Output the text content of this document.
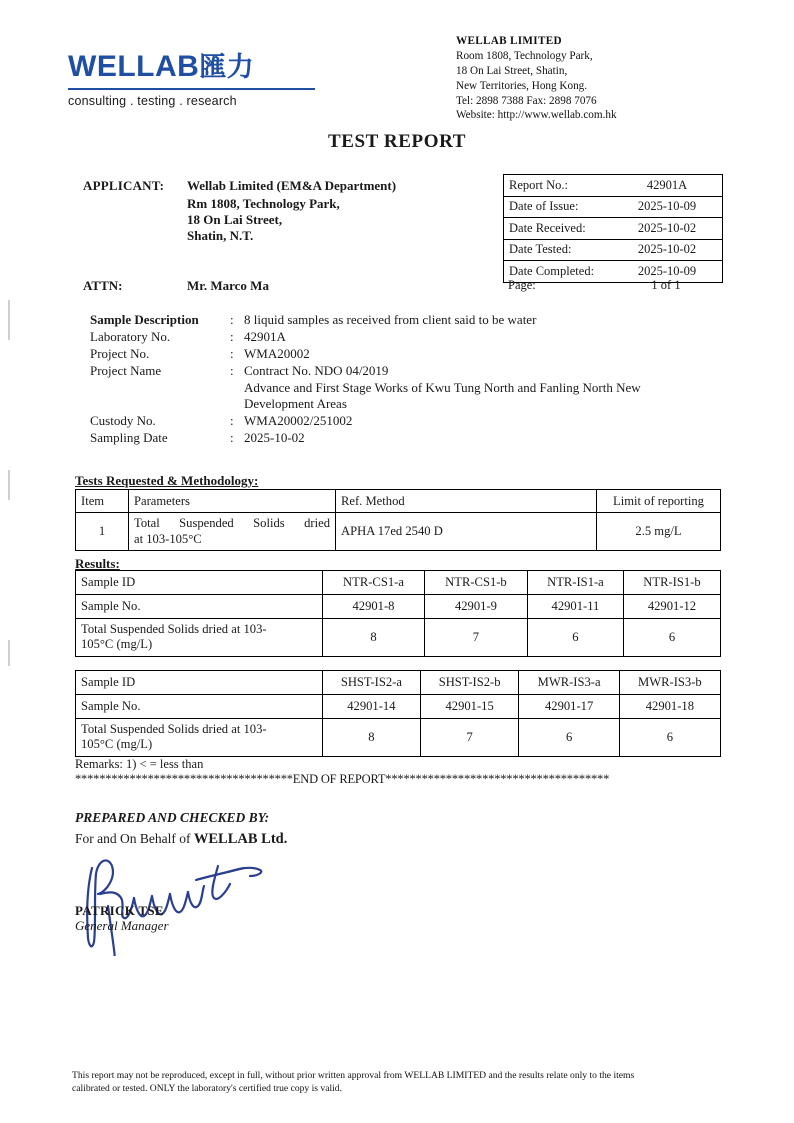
WELLAB匯力
consulting . testing . research
WELLAB LIMITED
Room 1808, Technology Park,
18 On Lai Street, Shatin,
New Territories, Hong Kong.
Tel: 2898 7388 Fax: 2898 7076
Website: http://www.wellab.com.hk
TEST REPORT
APPLICANT:	Wellab Limited (EM&A Department)
Rm 1808, Technology Park,
18 On Lai Street,
Shatin, N.T.
ATTN:	Mr. Marco Ma
Report No.:	42901A
Date of Issue:	2025-10-09
Date Received:	2025-10-02
Date Tested:	2025-10-02
Date Completed:	2025-10-09
Page:	1 of 1
Sample Description	: 8 liquid samples as received from client said to be water
Laboratory No.	: 42901A
Project No.	: WMA20002
Project Name	: Contract No. NDO 04/2019
Advance and First Stage Works of Kwu Tung North and Fanling North New
Development Areas
Custody No.	: WMA20002/251002
Sampling Date	: 2025-10-02
Tests Requested & Methodology:
Item	Parameters	Ref. Method	Limit of reporting
1	Total Suspended Solids dried
at 103-105°C	APHA 17ed 2540 D	2.5 mg/L
Results:
Sample ID	NTR-CS1-a	NTR-CS1-b	NTR-IS1-a	NTR-IS1-b
Sample No.	42901-8	42901-9	42901-11	42901-12

Total Suspended Solids dried at 103-
105°C (mg/L)	8	7	6	6
Sample ID	SHST-IS2-a	SHST-IS2-b	MWR-IS3-a	MWR-IS3-b
Sample No.	42901-14	42901-15	42901-17	42901-18

Total Suspended Solids dried at 103-
105°C (mg/L)	8	7	6	6
Remarks: 1) < = less than
************************************END OF REPORT*************************************
PREPARED AND CHECKED BY:
For and On Behalf of WELLAB Ltd.
PATRICK TSE
General Manager
This report may not be reproduced, except in full, without prior written approval from WELLAB LIMITED and the results relate only to the items
calibrated or tested. ONLY the laboratory's certified true copy is valid.
